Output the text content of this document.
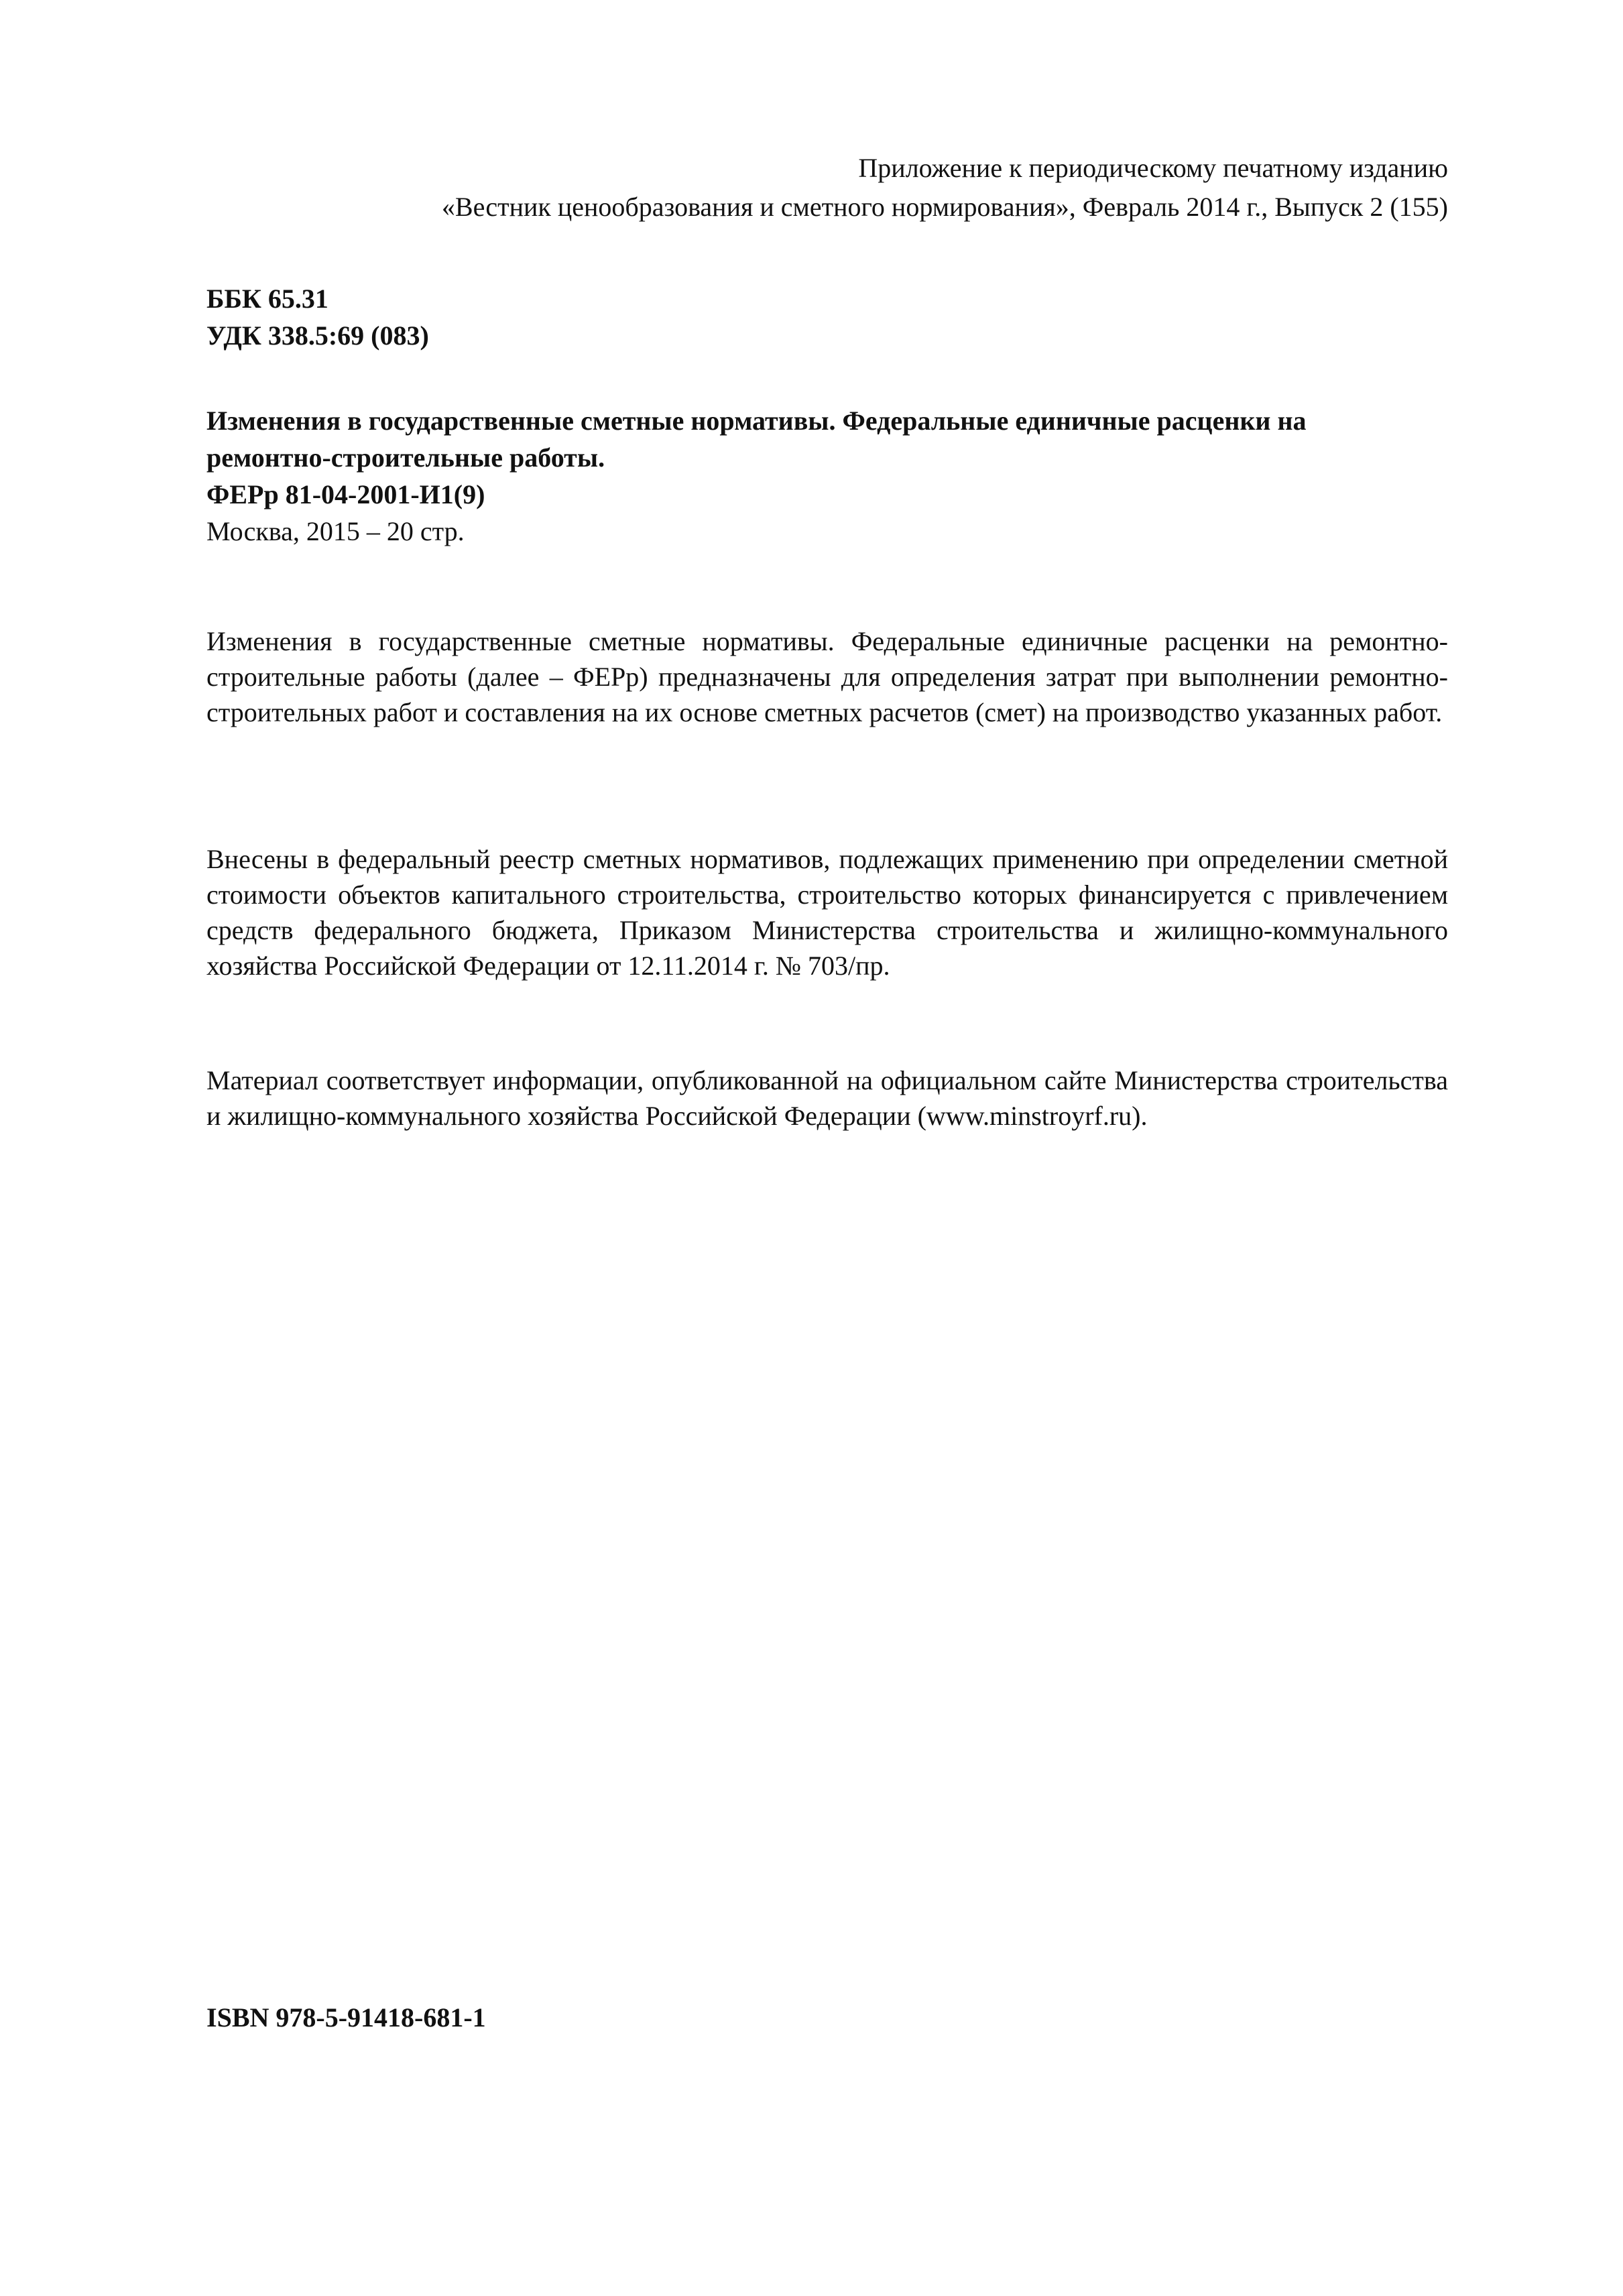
Приложение к периодическому печатному изданию
«Вестник ценообразования и сметного нормирования», Февраль 2014 г., Выпуск 2 (155)
ББК 65.31
УДК 338.5:69 (083)
Изменения в государственные сметные нормативы. Федеральные единичные расценки на
ремонтно-строительные работы.
ФЕРр 81-04-2001-И1(9)
Москва, 2015 – 20 стр.
Изменения в государственные сметные нормативы. Федеральные единичные расценки на ремонтно-строительные работы (далее – ФЕРр) предназначены для определения затрат при выполнении ремонтно-строительных работ и составления на их основе сметных расчетов (смет) на производство указанных работ.
Внесены в федеральный реестр сметных нормативов, подлежащих применению при определении сметной стоимости объектов капитального строительства, строительство которых финансируется с привлечением средств федерального бюджета, Приказом Министерства строительства и жилищно-коммунального хозяйства Российской Федерации от 12.11.2014 г. № 703/пр.
Материал соответствует информации, опубликованной на официальном сайте Министерства строительства и жилищно-коммунального хозяйства Российской Федерации (www.minstroyrf.ru).
ISBN 978-5-91418-681-1
